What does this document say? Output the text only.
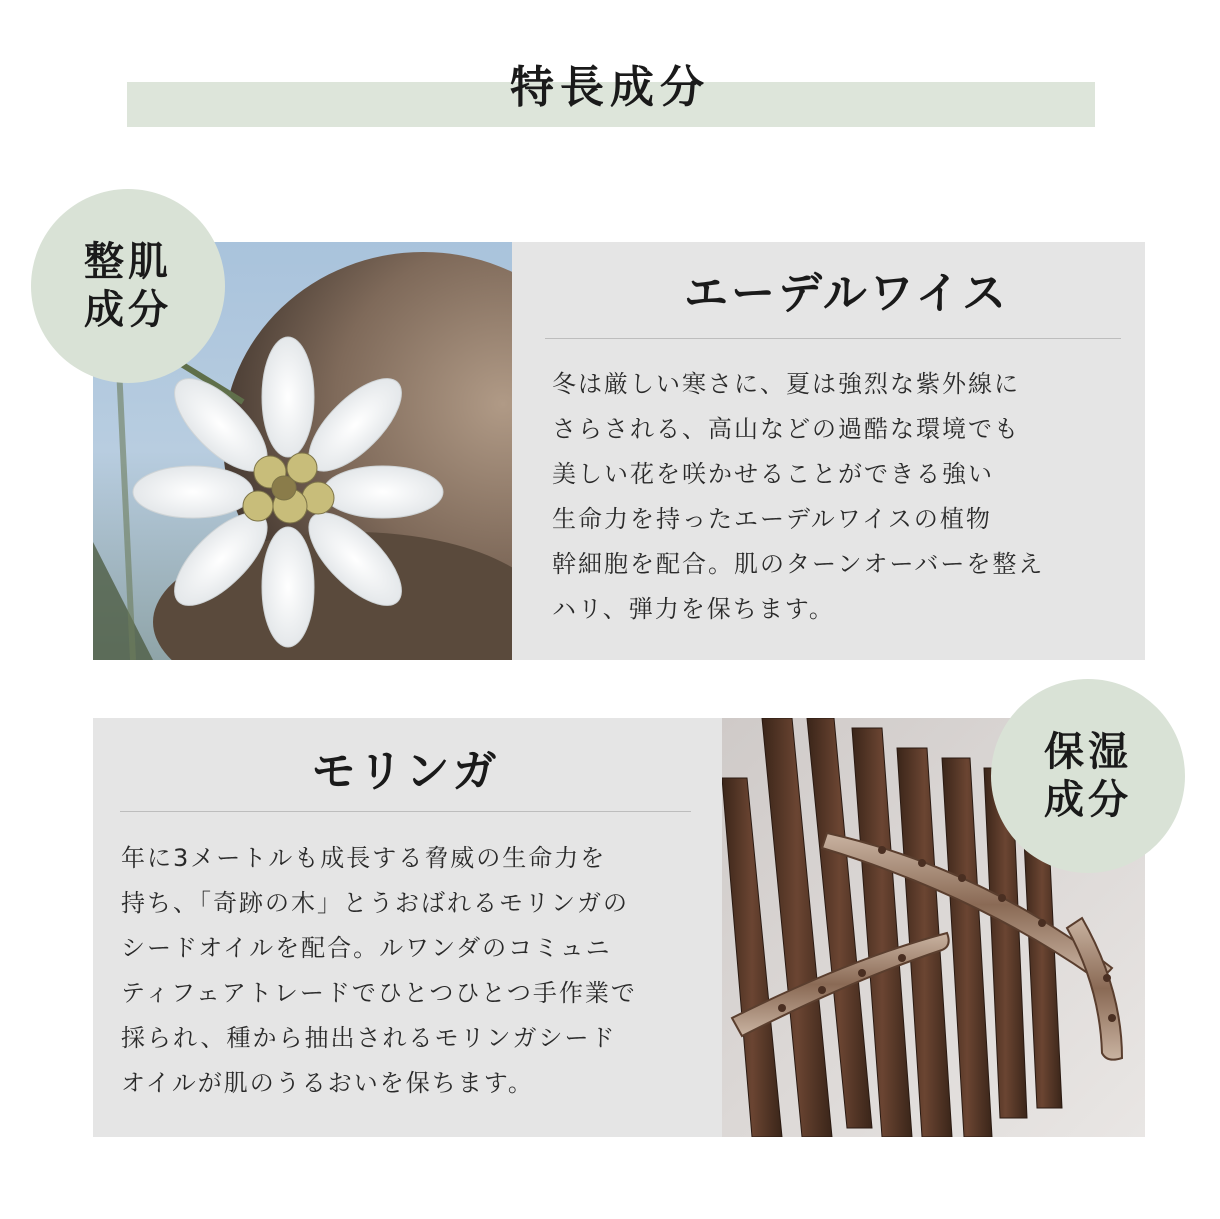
特長成分
エーデルワイス
冬は厳しい寒さに、夏は強烈な紫外線に
さらされる、高山などの過酷な環境でも
美しい花を咲かせることができる強い
生命力を持ったエーデルワイスの植物
幹細胞を配合。肌のターンオーバーを整え
ハリ、弾力を保ちます。
整肌
成分
モリンガ
年に3メートルも成長する脅威の生命力を
持ち、「奇跡の木」とうおばれるモリンガの
シードオイルを配合。ルワンダのコミュニ
ティフェアトレードでひとつひとつ手作業で
採られ、種から抽出されるモリンガシード
オイルが肌のうるおいを保ちます。
保湿
成分
